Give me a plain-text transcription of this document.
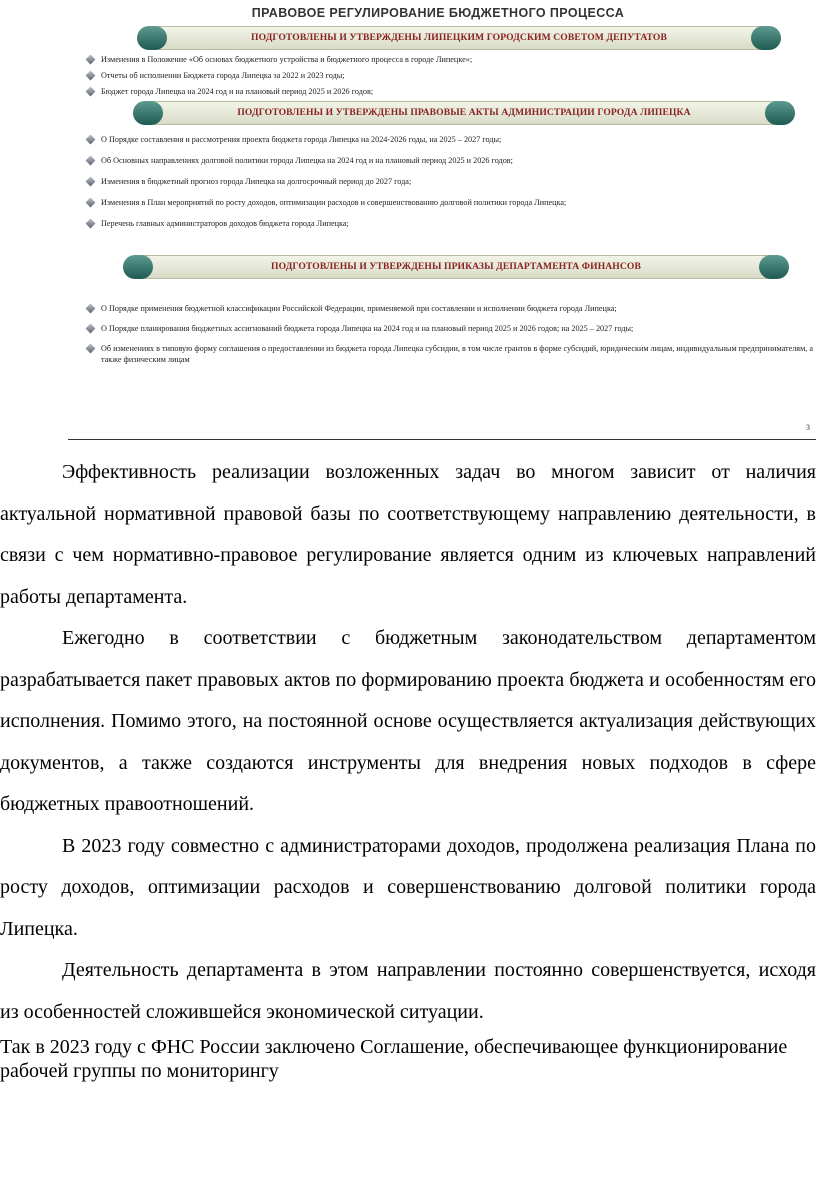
ПРАВОВОЕ РЕГУЛИРОВАНИЕ БЮДЖЕТНОГО ПРОЦЕССА
ПОДГОТОВЛЕНЫ И УТВЕРЖДЕНЫ ЛИПЕЦКИМ ГОРОДСКИМ СОВЕТОМ ДЕПУТАТОВ
Изменения в Положение «Об основах бюджетного устройства и бюджетного процесса в городе Липецке»;
Отчеты об исполнении Бюджета города Липецка за 2022 и 2023 годы;
Бюджет города Липецка на 2024 год и на плановый период 2025 и 2026 годов;
ПОДГОТОВЛЕНЫ И УТВЕРЖДЕНЫ ПРАВОВЫЕ АКТЫ АДМИНИСТРАЦИИ ГОРОДА ЛИПЕЦКА
О Порядке составления и рассмотрения проекта бюджета города Липецка на 2024-2026 годы, на 2025 – 2027 годы;
Об Основных направлениях долговой политики города Липецка на 2024 год и на плановый период 2025 и 2026 годов;
Изменения в бюджетный прогноз города Липецка на долгосрочный период до 2027 года;
Изменения в План мероприятий по росту доходов, оптимизации расходов и совершенствованию долговой политики города Липецка;
Перечень главных администраторов доходов бюджета города Липецка;
ПОДГОТОВЛЕНЫ И УТВЕРЖДЕНЫ ПРИКАЗЫ ДЕПАРТАМЕНТА ФИНАНСОВ
О Порядке применения бюджетной классификации Российской Федерации, применяемой при составлении и исполнении бюджета города Липецка;
О Порядке планирования бюджетных ассигнований бюджета города Липецка на 2024 год и на плановый период 2025 и 2026 годов; на 2025 – 2027 годы;
Об изменениях в типовую форму соглашения о предоставлении из бюджета города Липецка субсидии, в том числе грантов в форме субсидий, юридическим лицам, индивидуальным предпринимателям, а также физическим лицам
3

Эффективность реализации возложенных задач во многом зависит от наличия актуальной нормативной правовой базы по соответствующему направлению деятельности, в связи с чем нормативно-правовое регулирование является одним из ключевых направлений работы департамента.

Ежегодно в соответствии с бюджетным законодательством департаментом разрабатывается пакет правовых актов по формированию проекта бюджета и особенностям его исполнения. Помимо этого, на постоянной основе осуществляется актуализация действующих документов, а также создаются инструменты для внедрения новых подходов в сфере бюджетных правоотношений.

В 2023 году совместно с администраторами доходов, продолжена реализация Плана по росту доходов, оптимизации расходов и совершенствованию долговой политики города Липецка.

Деятельность департамента в этом направлении постоянно совершенствуется, исходя из особенностей сложившейся экономической ситуации.

Так в 2023 году с ФНС России заключено Соглашение, обеспечивающее функционирование рабочей группы по мониторингу
